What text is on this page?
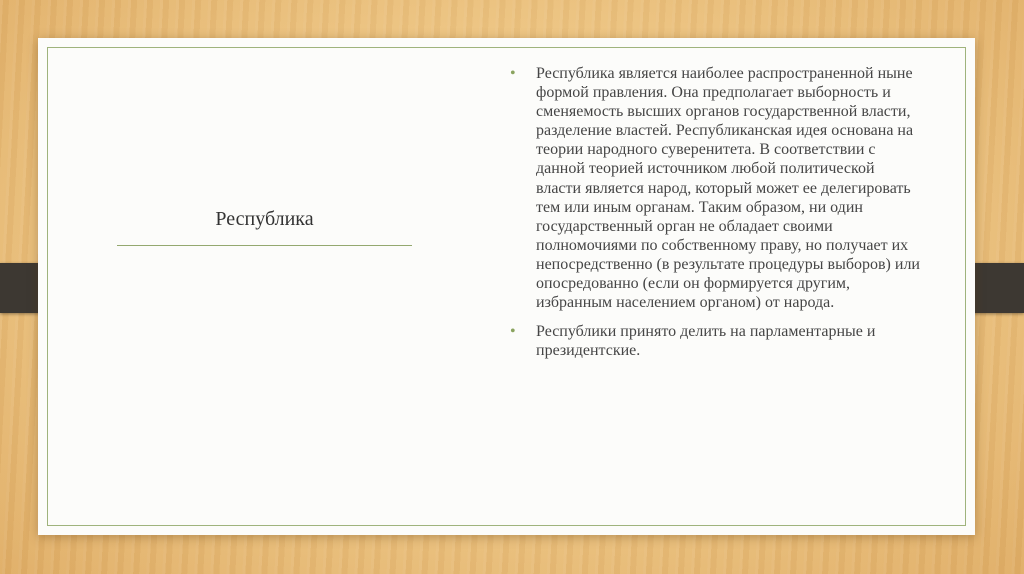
Республика
• Республика является наиболее распространенной ныне формой правления. Она предполагает выборность и сменяемость высших органов государственной власти, разделение властей. Республиканская идея основана на теории народного суверенитета. В соответствии с данной теорией источником любой политической власти является народ, который может ее делегировать тем или иным органам. Таким образом, ни один государственный орган не обладает своими полномочиями по собственному праву, но получает их непосредственно (в результате процедуры выборов) или опосредованно (если он формируется другим, избранным населением органом) от народа.
• Республики принято делить на парламентарные и президентские.
